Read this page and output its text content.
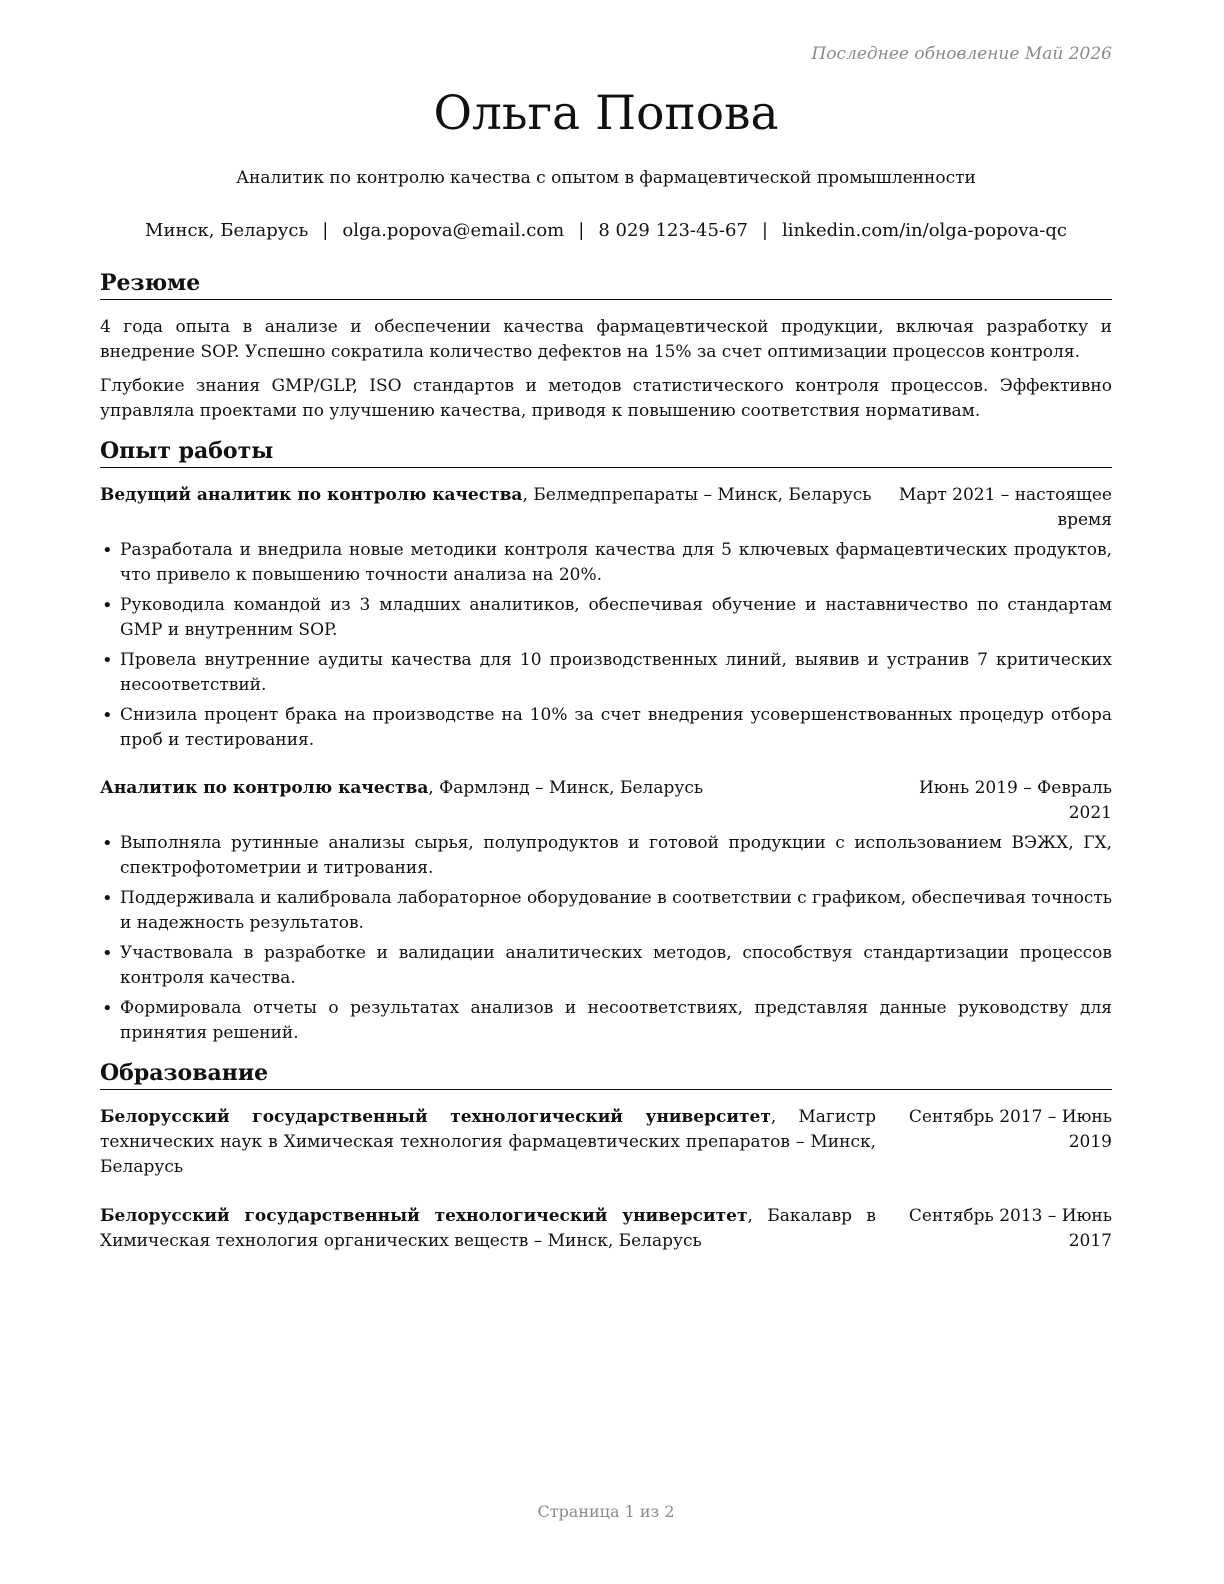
Последнее обновление Май 2026
Ольга Попова

Аналитик по контролю качества с опытом в фармацевтической промышленности

Минск, Беларусь | olga.popova@email.com | 8 029 123-45-67 | linkedin.com/in/olga-popova-qc

Резюме

4 года опыта в анализе и обеспечении качества фармацевтической продукции, включая разработку и внедрение SOP. Успешно сократила количество дефектов на 15% за счет оптимизации процессов контроля.

Глубокие знания GMP/GLP, ISO стандартов и методов статистического контроля процессов. Эффективно управляла проектами по улучшению качества, приводя к повышению соответствия нормативам.

Опыт работы
Ведущий аналитик по контролю качества, Белмедпрепараты – Минск, Беларусь	Март 2021 – настоящее время
• Разработала и внедрила новые методики контроля качества для 5 ключевых фармацевтических продуктов, что привело к повышению точности анализа на 20%.
• Руководила командой из 3 младших аналитиков, обеспечивая обучение и наставничество по стандартам GMP и внутренним SOP.
• Провела внутренние аудиты качества для 10 производственных линий, выявив и устранив 7 критических несоответствий.
• Снизила процент брака на производстве на 10% за счет внедрения усовершенствованных процедур отбора проб и тестирования.
Аналитик по контролю качества, Фармлэнд – Минск, Беларусь	Июнь 2019 – Февраль 2021
• Выполняла рутинные анализы сырья, полупродуктов и готовой продукции с использованием ВЭЖХ, ГХ, спектрофотометрии и титрования.
• Поддерживала и калибровала лабораторное оборудование в соответствии с графиком, обеспечивая точность и надежность результатов.
• Участвовала в разработке и валидации аналитических методов, способствуя стандартизации процессов контроля качества.
• Формировала отчеты о результатах анализов и несоответствиях, представляя данные руководству для принятия решений.
Образование
Белорусский государственный технологический университет, Магистр технических наук в Химическая технология фармацевтических препаратов – Минск, Беларусь
Сентябрь 2017 – Июнь 2019
Белорусский государственный технологический университет, Бакалавр в Химическая технология органических веществ – Минск, Беларусь
Сентябрь 2013 – Июнь 2017
Страница 1 из 2
